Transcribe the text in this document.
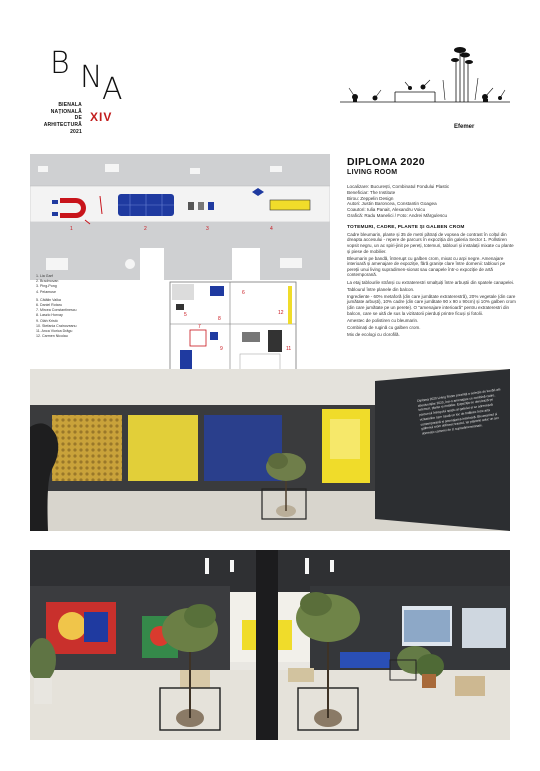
B N
A
BIENALA
NAȚIONALĂ
DE
ARHITECTURĂ
2021
XIV
Efemer
1	2	3	4
6
5
8
7
9	11
12
1. Lia Garf
2. Bradmovan
3. Ping-Pong
4. Pelamuse
5. Cătălin Valka
6. Daniel Rotaru
7. Mircea Constantinescu
8. Laszlo Horvay
9. Oláh Kristó
10. Stefania Crainoveanu
11. Anca Viorica Drăgu
12. Carmen Nicolau
DIPLOMA 2020
LIVING ROOM
Localizare: București, Combinatul Fondului Plastic
Beneficiar: The Institute
Birou: Zeppelin Design
Autori: Justin Baroncea, Constantin Goagea
Coautori: Iulia Panait, Alexandru Voicu
Grafică: Radu Manelici / Foto: Andrei Mărgulescu
TOTEMURI, CADRE, PLANTE ȘI GALBEN CROM

Cadre bleumarin, plante și 35 de metri pătrați de vopsea de contrast în colțul din dreapta accesului - repere de parcurs în expoziția din galeria Sector 1. Pollstiren vopsit negru, un ac spiri-jinit pe pereți, totemuri, tablouri și instalații mixate cu plante și piese de mobilier.

Bleumarin pe bandă, întrerupt cu galben crom, mixat cu arpi negre. Amenajare interioară și amenajare de expoziție, fără granițe clare între domenii: tablouri pe pereții unui living supradimen-sionat sau canapele într-o expoziție de artă contemporană.

La etaj tablourile strânși cu extraterestri smalțuiți între arbuștii din spatele canapelei.

Tablourul între planele din balcon.

Ingrediente - 60% metaforă (din care jumătate extraterestră), 20% vegetale (din care jumătate arbuști), 10% cadre (din care jumătate 90 x 90 x 90cm) și 10% galben crom (din care jumătate pe un perete). O "amenajare interioară" pentru extraterestri din balcon, care se uită de sus la vizitatorii pierduți printre ficuși și fotolii.

Amestec de polistiren cu bleumarin.

Combinați de rugină cu galben crom.

Mix de ecologi cu clorofilă.

Diploma 2020 Living Room prezintă o selecție de lucrări ale absolvenților 2020, într-o amenajare ce combină cadre, totemuri, plante și mobilier. Expoziția se derulează pe parcursul întregului spațiu al galeriei și se adresează vizitatorilor care caută un loc de întâlnire între arta contemporană și amenajarea interioară. Bleumarinul și galbenul crom definesc traseul, iar plantele aduc un aer domestic camerei de zi supradimensionate.
